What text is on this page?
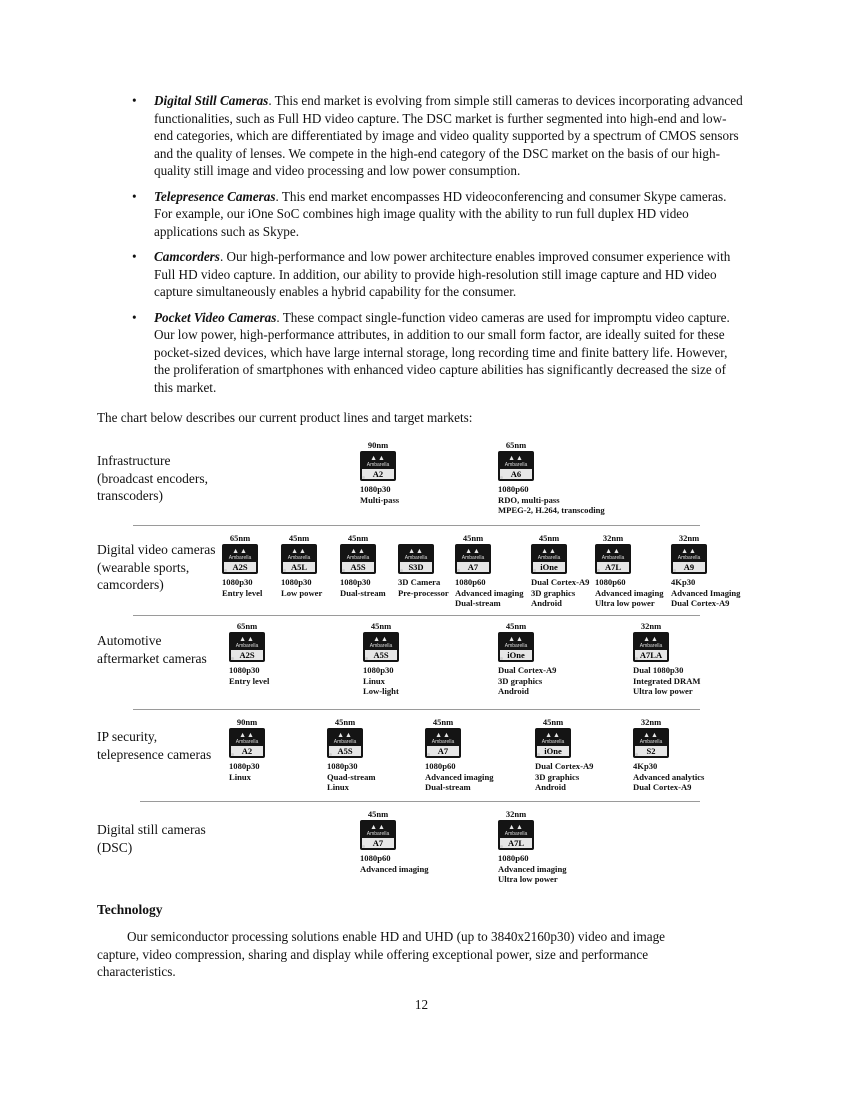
• Digital Still Cameras. This end market is evolving from simple still cameras to devices incorporating advanced functionalities, such as Full HD video capture. The DSC market is further segmented into high-end and low-end categories, which are differentiated by image and video quality supported by a spectrum of CMOS sensors and the quality of lenses. We compete in the high-end category of the DSC market on the basis of our high-quality still image and video processing and low power consumption.
• Telepresence Cameras. This end market encompasses HD videoconferencing and consumer Skype cameras. For example, our iOne SoC combines high image quality with the ability to run full duplex HD video applications such as Skype.
• Camcorders. Our high-performance and low power architecture enables improved consumer experience with Full HD video capture. In addition, our ability to provide high-resolution still image capture and HD video capture simultaneously enables a hybrid capability for the consumer.
• Pocket Video Cameras. These compact single-function video cameras are used for impromptu video capture. Our low power, high-performance attributes, in addition to our small form factor, are ideally suited for these pocket-sized devices, which have large internal storage, long recording time and finite battery life. However, the proliferation of smartphones with enhanced video capture abilities has significantly decreased the size of this market.
The chart below describes our current product lines and target markets:
Infrastructure (broadcast encoders, transcoders)
90nm
▲▲
Ambarella
A2
1080p30
Multi-pass
65nm
▲▲
Ambarella
A6
1080p60
RDO, multi-pass
MPEG-2, H.264, transcoding
Digital video cameras (wearable sports, camcorders)
65nm
▲▲
Ambarella
A2S
1080p30
Entry level
45nm
▲▲
Ambarella
A5L
1080p30
Low power
45nm
▲▲
Ambarella
A5S
1080p30
Dual-stream
▲▲
Ambarella
S3D
3D Camera
Pre-processor
45nm
▲▲
Ambarella
A7
1080p60
Advanced imaging
Dual-stream
45nm
▲▲
Ambarella
iOne
Dual Cortex-A9
3D graphics
Android
32nm
▲▲
Ambarella
A7L
1080p60
Advanced imaging
Ultra low power
32nm
▲▲
Ambarella
A9
4Kp30
Advanced Imaging
Dual Cortex-A9
Automotive aftermarket cameras
65nm
▲▲
Ambarella
A2S
1080p30
Entry level
45nm
▲▲
Ambarella
A5S
1080p30
Linux
Low-light
45nm
▲▲
Ambarella
iOne
Dual Cortex-A9
3D graphics
Android
32nm
▲▲
Ambarella
A7LA
Dual 1080p30
Integrated DRAM
Ultra low power
IP security, telepresence cameras
90nm
▲▲
Ambarella
A2
1080p30
Linux
45nm
▲▲
Ambarella
A5S
1080p30
Quad-stream
Linux
45nm
▲▲
Ambarella
A7
1080p60
Advanced imaging
Dual-stream
45nm
▲▲
Ambarella
iOne
Dual Cortex-A9
3D graphics
Android
32nm
▲▲
Ambarella
S2
4Kp30
Advanced analytics
Dual Cortex-A9
Digital still cameras (DSC)
45nm
▲▲
Ambarella
A7
1080p60
Advanced imaging
32nm
▲▲
Ambarella
A7L
1080p60
Advanced imaging
Ultra low power
Technology

Our semiconductor processing solutions enable HD and UHD (up to 3840x2160p30) video and image capture, video compression, sharing and display while offering exceptional power, size and performance characteristics.

12
